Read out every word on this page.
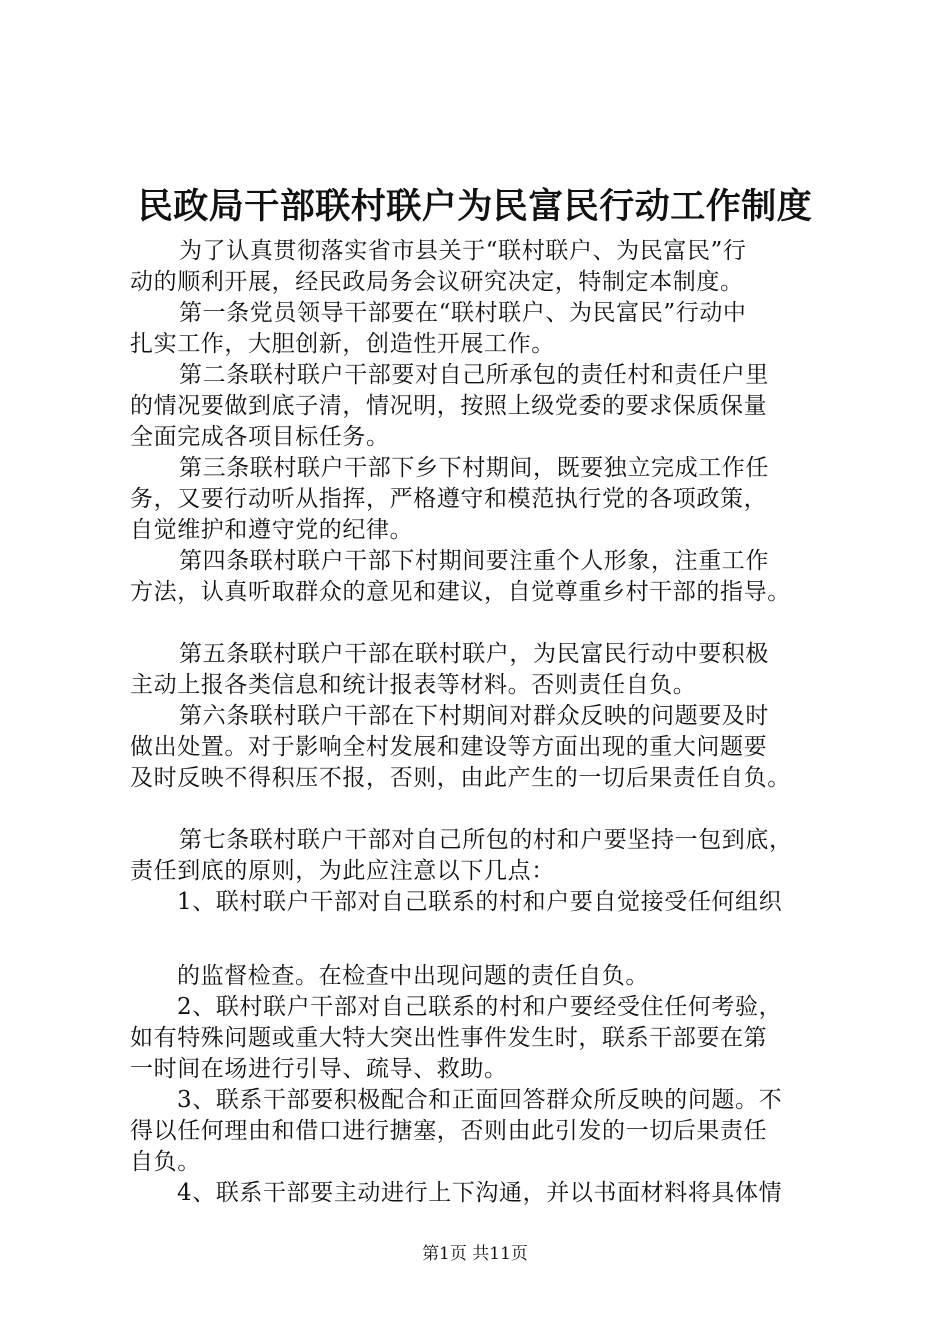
民政局干部联村联户为民富民行动工作制度
为了认真贯彻落实省市县关于“联村联户、为民富民”行
动的顺利开展，经民政局务会议研究决定，特制定本制度。
第一条党员领导干部要在“联村联户、为民富民”行动中
扎实工作，大胆创新，创造性开展工作。
第二条联村联户干部要对自己所承包的责任村和责任户里
的情况要做到底子清，情况明，按照上级党委的要求保质保量
全面完成各项目标任务。
第三条联村联户干部下乡下村期间，既要独立完成工作任
务，又要行动听从指挥，严格遵守和模范执行党的各项政策，
自觉维护和遵守党的纪律。
第四条联村联户干部下村期间要注重个人形象，注重工作
方法，认真听取群众的意见和建议，自觉尊重乡村干部的指导。
第五条联村联户干部在联村联户，为民富民行动中要积极
主动上报各类信息和统计报表等材料。否则责任自负。
第六条联村联户干部在下村期间对群众反映的问题要及时
做出处置。对于影响全村发展和建设等方面出现的重大问题要
及时反映不得积压不报，否则，由此产生的一切后果责任自负。
第七条联村联户干部对自己所包的村和户要坚持一包到底，
责任到底的原则，为此应注意以下几点：
1、联村联户干部对自己联系的村和户要自觉接受任何组织
的监督检查。在检查中出现问题的责任自负。
2、联村联户干部对自己联系的村和户要经受住任何考验，
如有特殊问题或重大特大突出性事件发生时，联系干部要在第
一时间在场进行引导、疏导、救助。
3、联系干部要积极配合和正面回答群众所反映的问题。不
得以任何理由和借口进行搪塞，否则由此引发的一切后果责任
自负。
4、联系干部要主动进行上下沟通，并以书面材料将具体情
第1页 共11页
